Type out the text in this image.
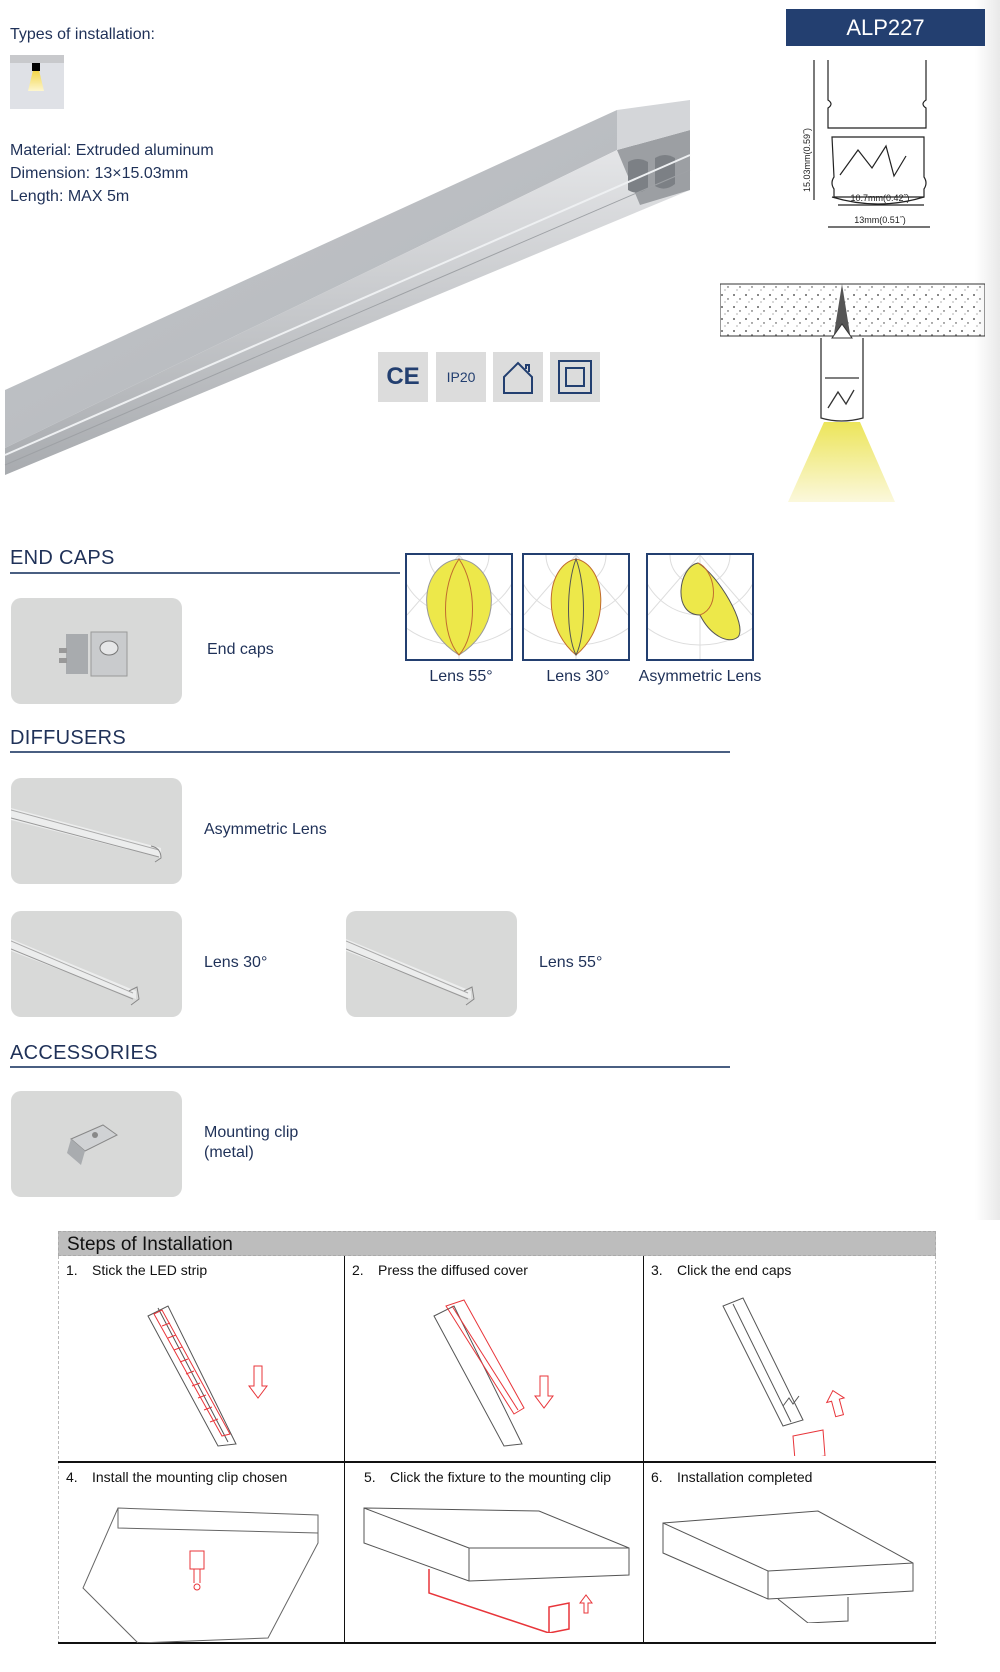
Types of installation:
Material: Extruded aluminum
Dimension: 13×15.03mm
Length: MAX 5m
CE IP20
ALP227
15.03mm(0.59˝)
10.7mm(0.42˝)
13mm(0.51˝)
END CAPS
End caps
Lens 55°	Lens 30°	Asymmetric Lens
DIFFUSERS
Asymmetric Lens
Lens 30°	Lens 55°
ACCESSORIES
Mounting clip
(metal)
Steps of Installation
1. Stick the LED strip	2. Press the diffused cover	3. Click the end caps
4. Install the mounting clip chosen	5. Click the fixture to the mounting clip	6. Installation completed
